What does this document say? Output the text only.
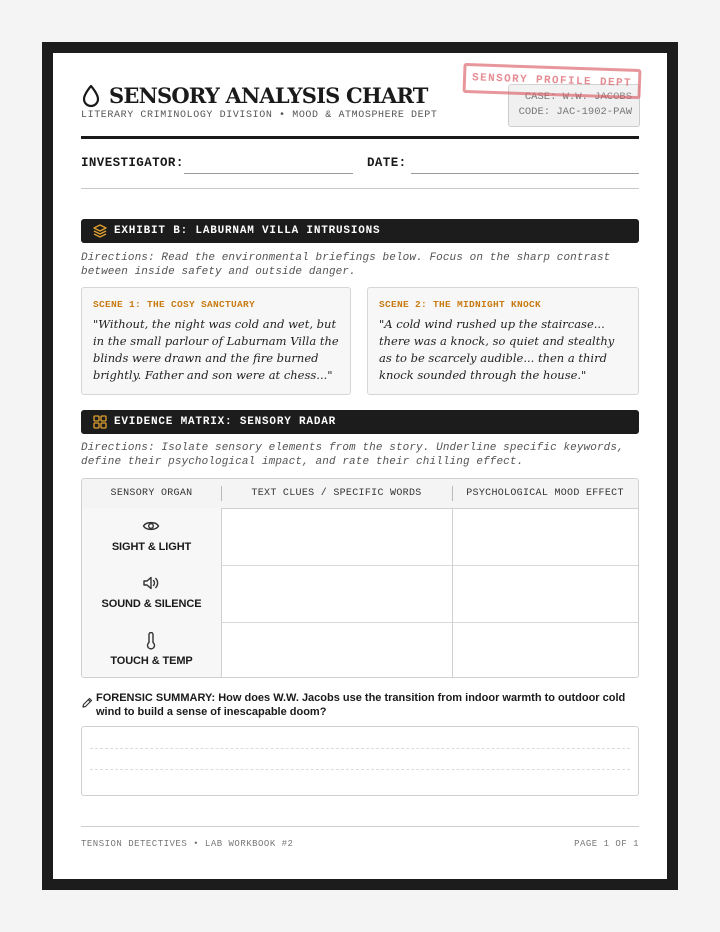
SENSORY ANALYSIS CHART
LITERARY CRIMINOLOGY DIVISION • MOOD & ATMOSPHERE DEPT
CASE: W.W. JACOBS
CODE: JAC-1902-PAW
SENSORY PROFILE DEPT
INVESTIGATOR:	DATE:
EXHIBIT B: LABURNAM VILLA INTRUSIONS
Directions: Read the environmental briefings below. Focus on the sharp contrast between inside safety and outside danger.
SCENE 1: THE COSY SANCTUARY
"Without, the night was cold and wet, but in the small parlour of Laburnam Villa the blinds were drawn and the fire burned brightly. Father and son were at chess..."
SCENE 2: THE MIDNIGHT KNOCK
"A cold wind rushed up the staircase... there was a knock, so quiet and stealthy as to be scarcely audible... then a third knock sounded through the house."
EVIDENCE MATRIX: SENSORY RADAR
Directions: Isolate sensory elements from the story. Underline specific keywords, define their psychological impact, and rate their chilling effect.
SENSORY ORGAN	TEXT CLUES / SPECIFIC WORDS	PSYCHOLOGICAL MOOD EFFECT
SIGHT & LIGHT
SOUND & SILENCE
TOUCH & TEMP
FORENSIC SUMMARY: How does W.W. Jacobs use the transition from indoor warmth to outdoor cold wind to build a sense of inescapable doom?
TENSION DETECTIVES • LAB WORKBOOK #2	PAGE 1 OF 1
